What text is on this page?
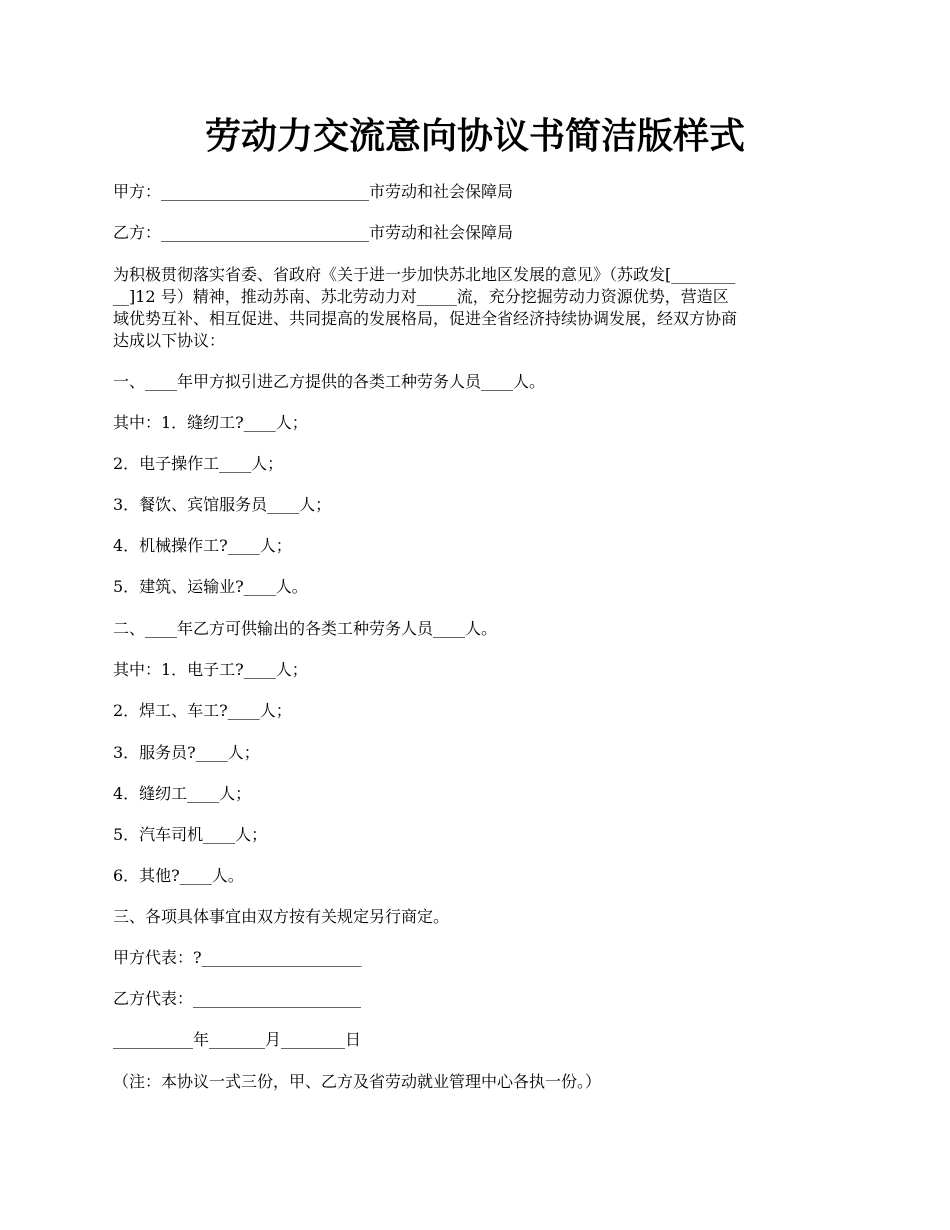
劳动力交流意向协议书简洁版样式
甲方：__________________________市劳动和社会保障局
乙方：__________________________市劳动和社会保障局
为积极贯彻落实省委、省政府《关于进一步加快苏北地区发展的意见》（苏政发[________
__]12 号）精神，推动苏南、苏北劳动力对_____流，充分挖掘劳动力资源优势，营造区
域优势互补、相互促进、共同提高的发展格局，促进全省经济持续协调发展，经双方协商
达成以下协议：
一、____年甲方拟引进乙方提供的各类工种劳务人员____人。
其中：1．缝纫工?____人；
2．电子操作工____人；
3．餐饮、宾馆服务员____人；
4．机械操作工?____人；
5．建筑、运输业?____人。
二、____年乙方可供输出的各类工种劳务人员____人。
其中：1．电子工?____人；
2．焊工、车工?____人；
3．服务员?____人；
4．缝纫工____人；
5．汽车司机____人；
6．其他?____人。
三、各项具体事宜由双方按有关规定另行商定。
甲方代表：?____________________
乙方代表：_____________________
__________年_______月________日
（注：本协议一式三份，甲、乙方及省劳动就业管理中心各执一份。）
